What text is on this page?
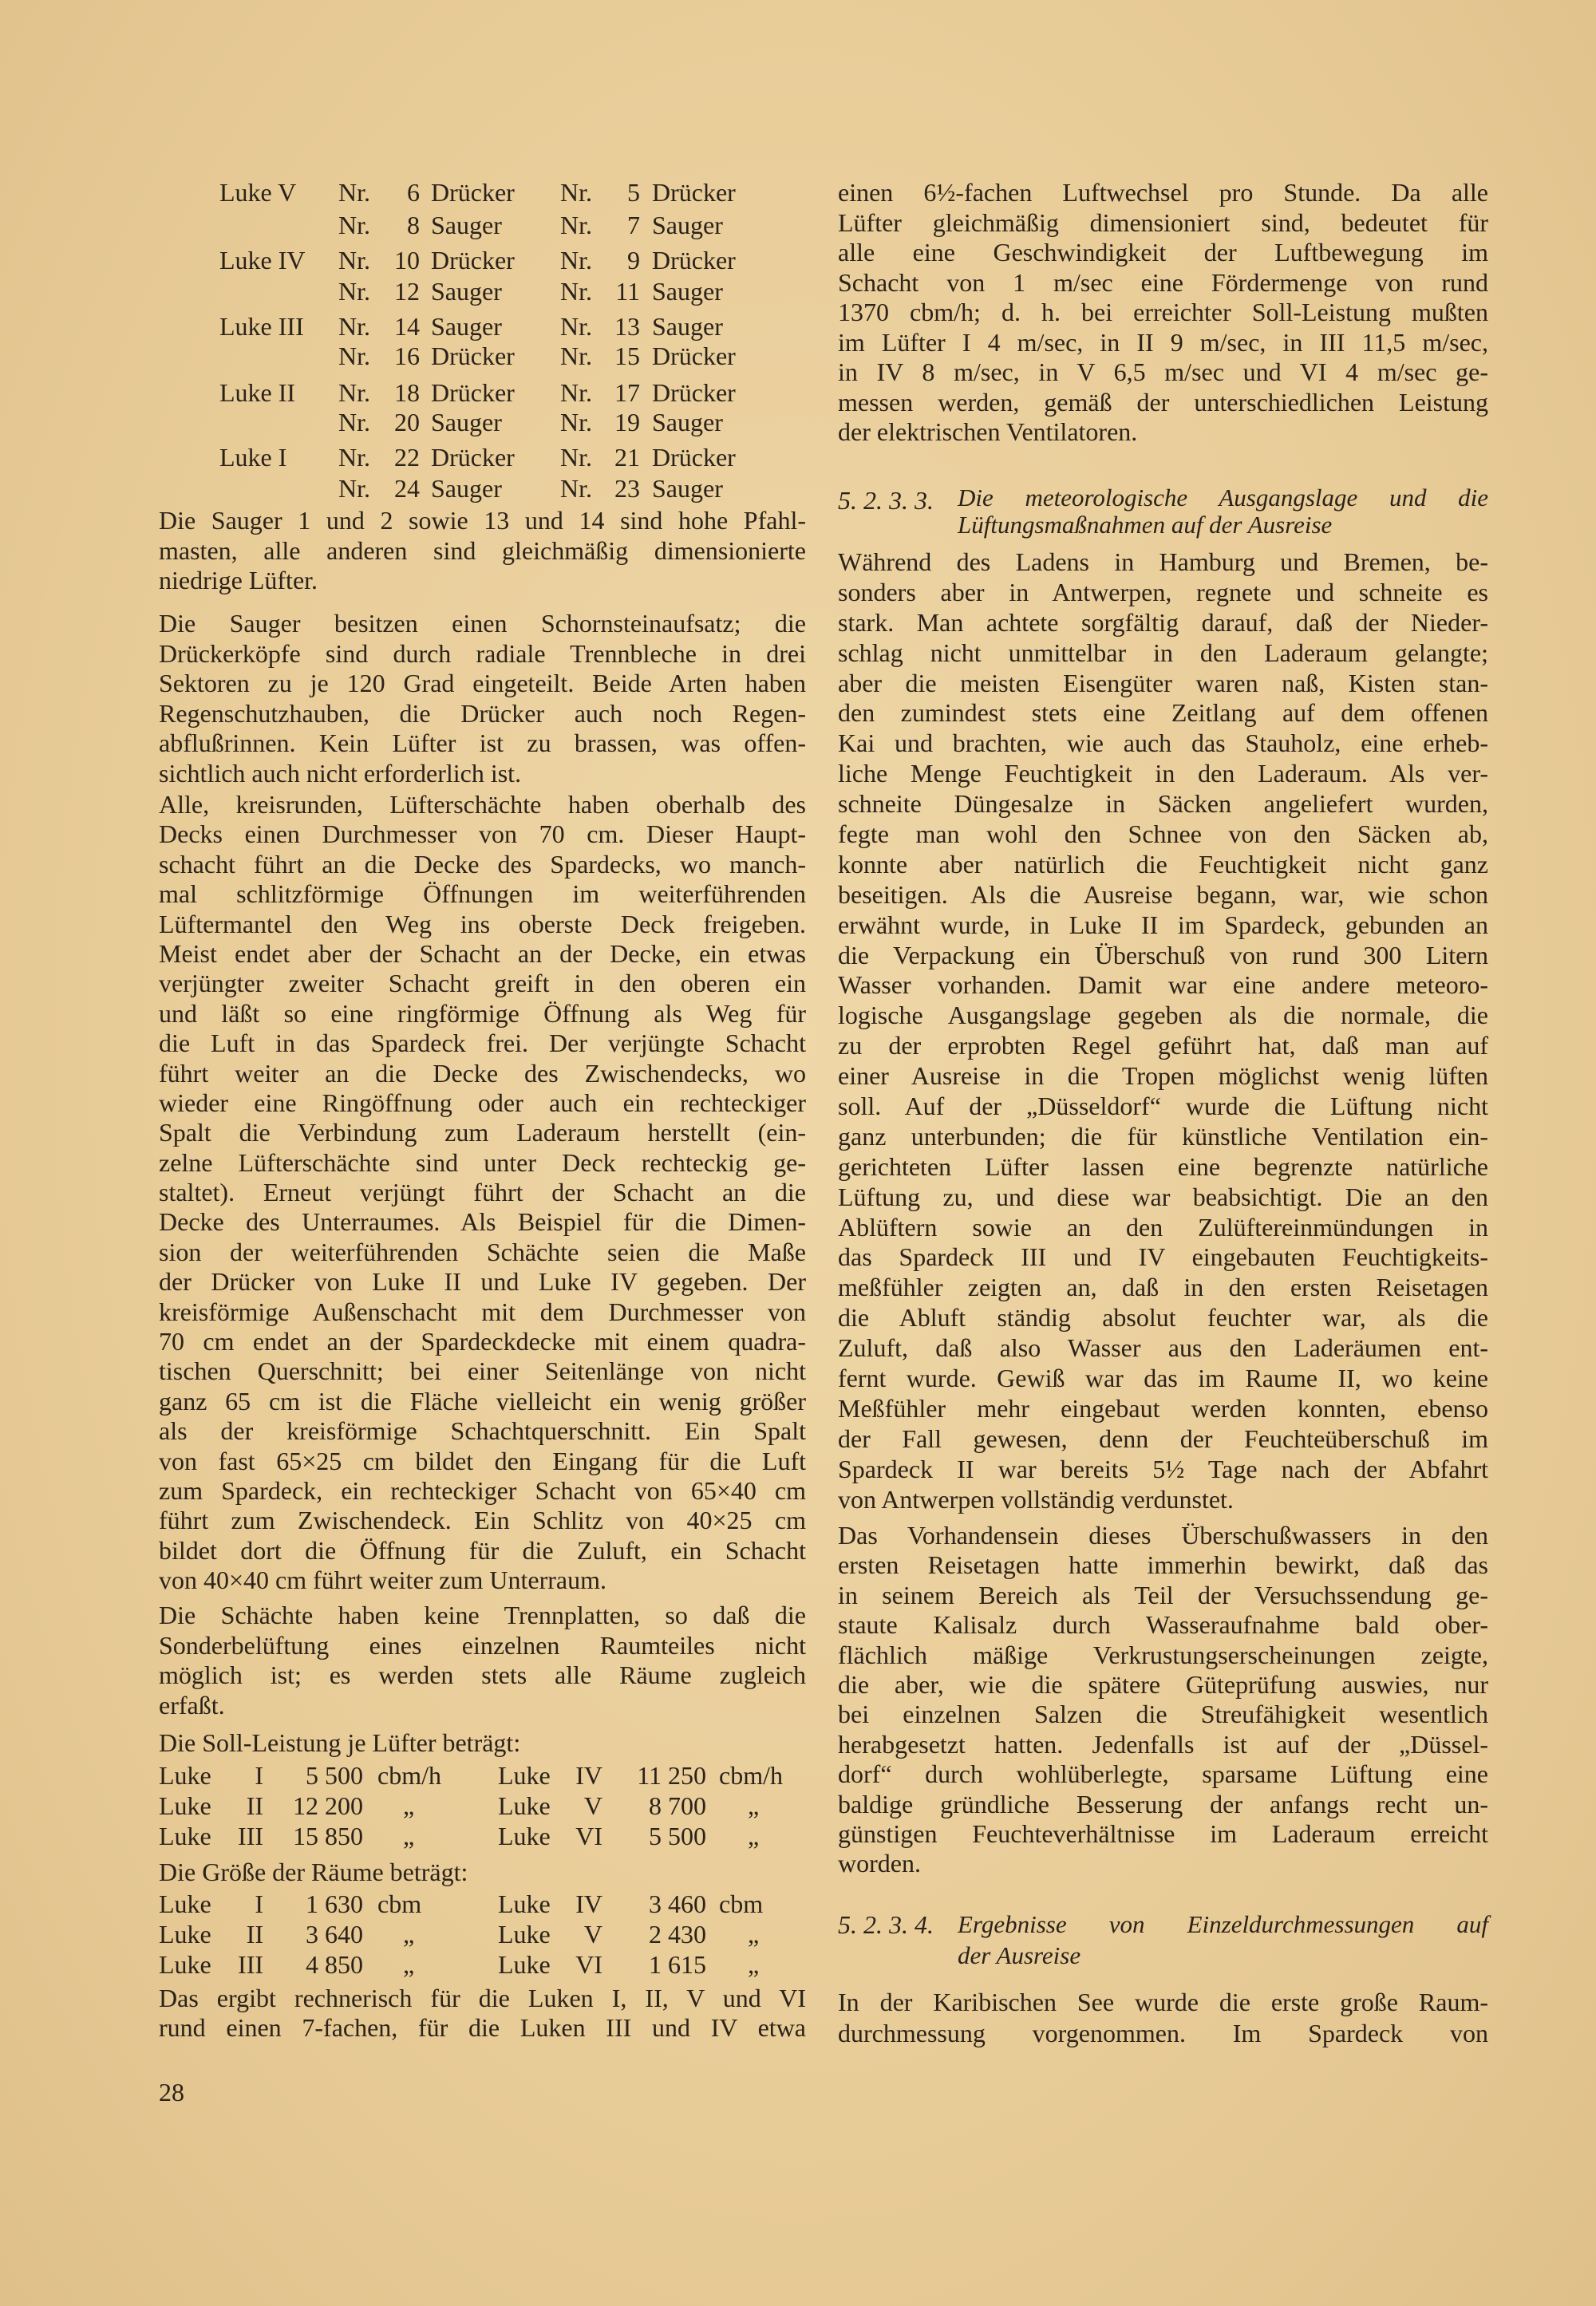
Luke V Nr.	6 Drücker Nr.	5 Drücker
Nr.	8 Sauger Nr.	7 Sauger
Luke IV Nr. 10 Drücker Nr.	9 Drücker
Nr. 12 Sauger Nr. 11 Sauger
Luke III Nr. 14 Sauger Nr. 13 Sauger
Nr. 16 Drücker Nr. 15 Drücker
Luke II Nr. 18 Drücker Nr. 17 Drücker
Nr. 20 Sauger Nr. 19 Sauger
Luke I Nr. 22 Drücker Nr. 21 Drücker
Nr. 24 Sauger Nr. 23 Sauger
Die Sauger 1 und 2 sowie 13 und 14 sind hohe Pfahl-
masten, alle anderen sind gleichmäßig dimensionierte
niedrige Lüfter.
Die Sauger besitzen einen Schornsteinaufsatz; die
Drückerköpfe sind durch radiale Trennbleche in drei
Sektoren zu je 120 Grad eingeteilt. Beide Arten haben
Regenschutzhauben, die Drücker auch noch Regen-
abflußrinnen. Kein Lüfter ist zu brassen, was offen-
sichtlich auch nicht erforderlich ist.
Alle, kreisrunden, Lüfterschächte haben oberhalb des
Decks einen Durchmesser von 70 cm. Dieser Haupt-
schacht führt an die Decke des Spardecks, wo manch-
mal schlitzförmige Öffnungen im weiterführenden
Lüftermantel den Weg ins oberste Deck freigeben.
Meist endet aber der Schacht an der Decke, ein etwas
verjüngter zweiter Schacht greift in den oberen ein
und läßt so eine ringförmige Öffnung als Weg für
die Luft in das Spardeck frei. Der verjüngte Schacht
führt weiter an die Decke des Zwischendecks, wo
wieder eine Ringöffnung oder auch ein rechteckiger
Spalt die Verbindung zum Laderaum herstellt (ein-
zelne Lüfterschächte sind unter Deck rechteckig ge-
staltet). Erneut verjüngt führt der Schacht an die
Decke des Unterraumes. Als Beispiel für die Dimen-
sion der weiterführenden Schächte seien die Maße
der Drücker von Luke II und Luke IV gegeben. Der
kreisförmige Außenschacht mit dem Durchmesser von
70 cm endet an der Spardeckdecke mit einem quadra-
tischen Querschnitt; bei einer Seitenlänge von nicht
ganz 65 cm ist die Fläche vielleicht ein wenig größer
als der kreisförmige Schachtquerschnitt. Ein Spalt
von fast 65×25 cm bildet den Eingang für die Luft
zum Spardeck, ein rechteckiger Schacht von 65×40 cm
führt zum Zwischendeck. Ein Schlitz von 40×25 cm
bildet dort die Öffnung für die Zuluft, ein Schacht
von 40×40 cm führt weiter zum Unterraum.
Die Schächte haben keine Trennplatten, so daß die
Sonderbelüftung eines einzelnen Raumteiles nicht
möglich ist; es werden stets alle Räume zugleich
erfaßt.
Die Soll-Leistung je Lüfter beträgt:
Luke	I	5 500 cbm/h Luke IV	11 250 cbm/h
Luke	II	12 200 „	Luke	V	8 700 „
Luke	III	15 850 „	Luke VI	5 500 „
Die Größe der Räume beträgt:
Luke	I	1 630 cbm	Luke IV	3 460 cbm
Luke	II	3 640 „	Luke	V	2 430 „
Luke	III	4 850 „	Luke VI	1 615 „
Das ergibt rechnerisch für die Luken I, II, V und VI
rund einen 7-fachen, für die Luken III und IV etwa
einen 6½-fachen Luftwechsel pro Stunde. Da alle
Lüfter gleichmäßig dimensioniert sind, bedeutet für
alle eine Geschwindigkeit der Luftbewegung im
Schacht von 1 m/sec eine Fördermenge von rund
1370 cbm/h; d. h. bei erreichter Soll-Leistung mußten
im Lüfter I 4 m/sec, in II 9 m/sec, in III 11,5 m/sec,
in IV 8 m/sec, in V 6,5 m/sec und VI 4 m/sec ge-
messen werden, gemäß der unterschiedlichen Leistung
der elektrischen Ventilatoren.
5. 2. 3. 3. Die meteorologische Ausgangslage und die
Lüftungsmaßnahmen auf der Ausreise
Während des Ladens in Hamburg und Bremen, be-
sonders aber in Antwerpen, regnete und schneite es
stark. Man achtete sorgfältig darauf, daß der Nieder-
schlag nicht unmittelbar in den Laderaum gelangte;
aber die meisten Eisengüter waren naß, Kisten stan-
den zumindest stets eine Zeitlang auf dem offenen
Kai und brachten, wie auch das Stauholz, eine erheb-
liche Menge Feuchtigkeit in den Laderaum. Als ver-
schneite Düngesalze in Säcken angeliefert wurden,
fegte man wohl den Schnee von den Säcken ab,
konnte aber natürlich die Feuchtigkeit nicht ganz
beseitigen. Als die Ausreise begann, war, wie schon
erwähnt wurde, in Luke II im Spardeck, gebunden an
die Verpackung ein Überschuß von rund 300 Litern
Wasser vorhanden. Damit war eine andere meteoro-
logische Ausgangslage gegeben als die normale, die
zu der erprobten Regel geführt hat, daß man auf
einer Ausreise in die Tropen möglichst wenig lüften
soll. Auf der „Düsseldorf“ wurde die Lüftung nicht
ganz unterbunden; die für künstliche Ventilation ein-
gerichteten Lüfter lassen eine begrenzte natürliche
Lüftung zu, und diese war beabsichtigt. Die an den
Ablüftern sowie an den Zulüftereinmündungen in
das Spardeck III und IV eingebauten Feuchtigkeits-
meßfühler zeigten an, daß in den ersten Reisetagen
die Abluft ständig absolut feuchter war, als die
Zuluft, daß also Wasser aus den Laderäumen ent-
fernt wurde. Gewiß war das im Raume II, wo keine
Meßfühler mehr eingebaut werden konnten, ebenso
der Fall gewesen, denn der Feuchteüberschuß im
Spardeck II war bereits 5½ Tage nach der Abfahrt
von Antwerpen vollständig verdunstet.
Das Vorhandensein dieses Überschußwassers in den
ersten Reisetagen hatte immerhin bewirkt, daß das
in seinem Bereich als Teil der Versuchssendung ge-
staute Kalisalz durch Wasseraufnahme bald ober-
flächlich mäßige Verkrustungserscheinungen zeigte,
die aber, wie die spätere Güteprüfung auswies, nur
bei einzelnen Salzen die Streufähigkeit wesentlich
herabgesetzt hatten. Jedenfalls ist auf der „Düssel-
dorf“ durch wohlüberlegte, sparsame Lüftung eine
baldige gründliche Besserung der anfangs recht un-
günstigen Feuchteverhältnisse im Laderaum erreicht
worden.
5. 2. 3. 4. Ergebnisse von Einzeldurchmessungen auf
der Ausreise
In der Karibischen See wurde die erste große Raum-
durchmessung vorgenommen. Im Spardeck von
28
